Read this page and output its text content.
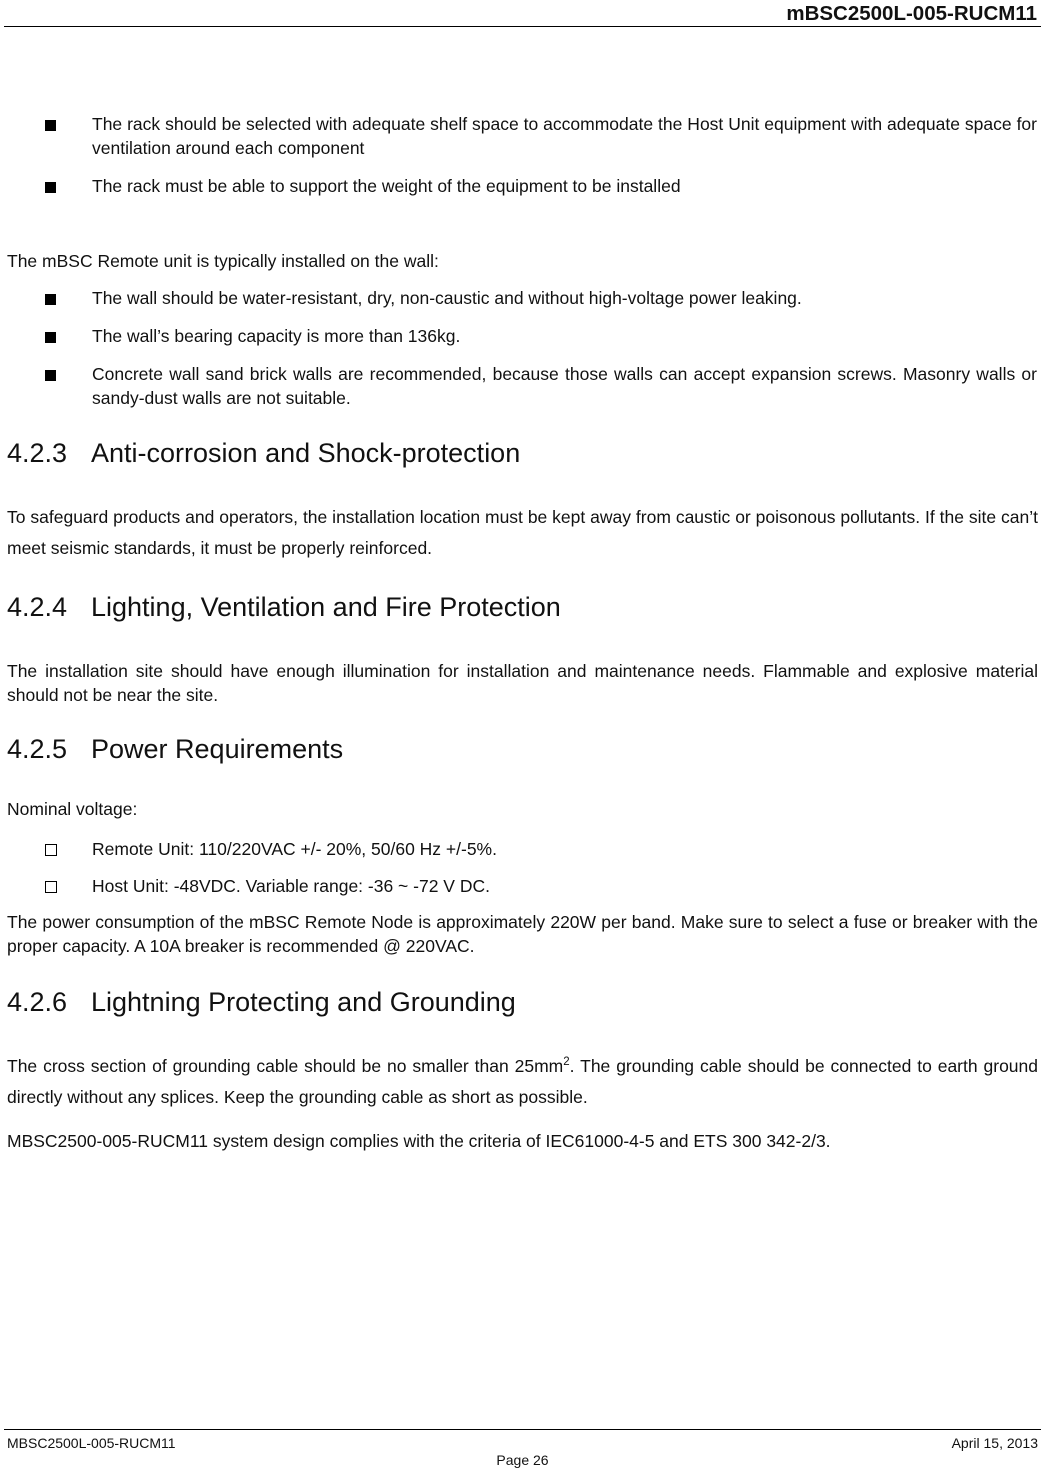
mBSC2500L-005-RUCM11
The rack should be selected with adequate shelf space to accommodate the Host Unit equipment with adequate space for ventilation around each component
The rack must be able to support the weight of the equipment to be installed
The mBSC Remote unit is typically installed on the wall:
The wall should be water-resistant, dry, non-caustic and without high-voltage power leaking.
The wall’s bearing capacity is more than 136kg.
Concrete wall sand brick walls are recommended, because those walls can accept expansion screws. Masonry walls or sandy-dust walls are not suitable.
4.2.3 Anti-corrosion and Shock-protection
To safeguard products and operators, the installation location must be kept away from caustic or poisonous pollutants. If the site can’t meet seismic standards, it must be properly reinforced.
4.2.4 Lighting, Ventilation and Fire Protection
The installation site should have enough illumination for installation and maintenance needs. Flammable and explosive material should not be near the site.
4.2.5 Power Requirements
Nominal voltage:
Remote Unit: 110/220VAC +/- 20%, 50/60 Hz +/-5%.
Host Unit: -48VDC. Variable range: -36 ~ -72 V DC.
The power consumption of the mBSC Remote Node is approximately 220W per band. Make sure to select a fuse or breaker with the proper capacity. A 10A breaker is recommended @ 220VAC.
4.2.6 Lightning Protecting and Grounding
The cross section of grounding cable should be no smaller than $25mm^2$. The grounding cable should be connected to earth ground directly without any splices. Keep the grounding cable as short as possible.
MBSC2500-005-RUCM11 system design complies with the criteria of IEC61000-4-5 and ETS 300 342-2/3.
MBSC2500L-005-RUCM11	April 15, 2013
Page 26
